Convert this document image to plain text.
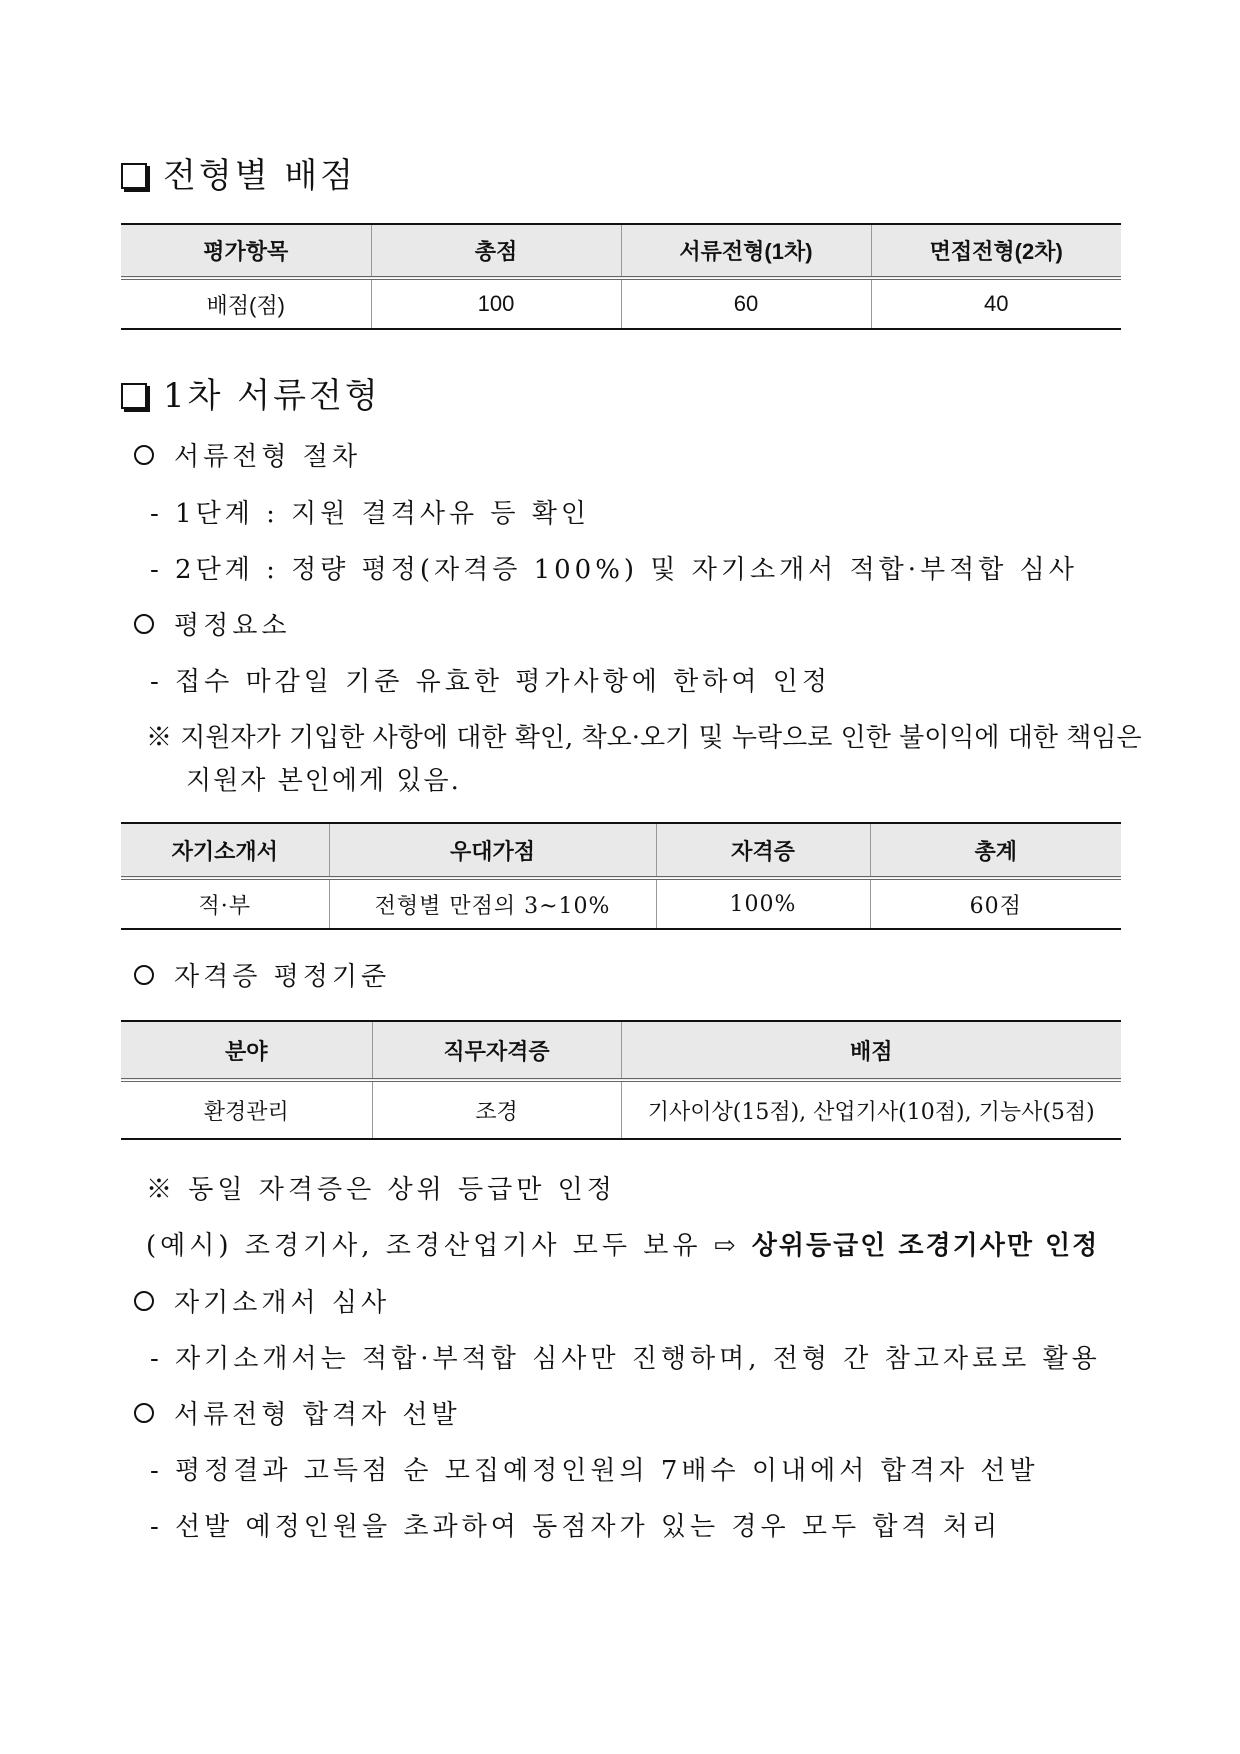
전형별 배점
평가항목	총점	서류전형(1차)	면접전형(2차)
배점(점)	100	60	40
1차 서류전형
서류전형 절차
- 1단계 : 지원 결격사유 등 확인
- 2단계 : 정량 평정(자격증 100%) 및 자기소개서 적합·부적합 심사
평정요소
- 접수 마감일 기준 유효한 평가사항에 한하여 인정
※ 지원자가 기입한 사항에 대한 확인, 착오·오기 및 누락으로 인한 불이익에 대한 책임은
지원자 본인에게 있음.
자기소개서	우대가점	자격증	총계
적·부	전형별 만점의 3~10%	100%	60점
자격증 평정기준
분야	직무자격증	배점
환경관리	조경	기사이상(15점), 산업기사(10점), 기능사(5점)
※ 동일 자격증은 상위 등급만 인정
(예시) 조경기사, 조경산업기사 모두 보유 ⇨ 상위등급인 조경기사만 인정
자기소개서 심사
- 자기소개서는 적합·부적합 심사만 진행하며, 전형 간 참고자료로 활용
서류전형 합격자 선발
- 평정결과 고득점 순 모집예정인원의 7배수 이내에서 합격자 선발
- 선발 예정인원을 초과하여 동점자가 있는 경우 모두 합격 처리
